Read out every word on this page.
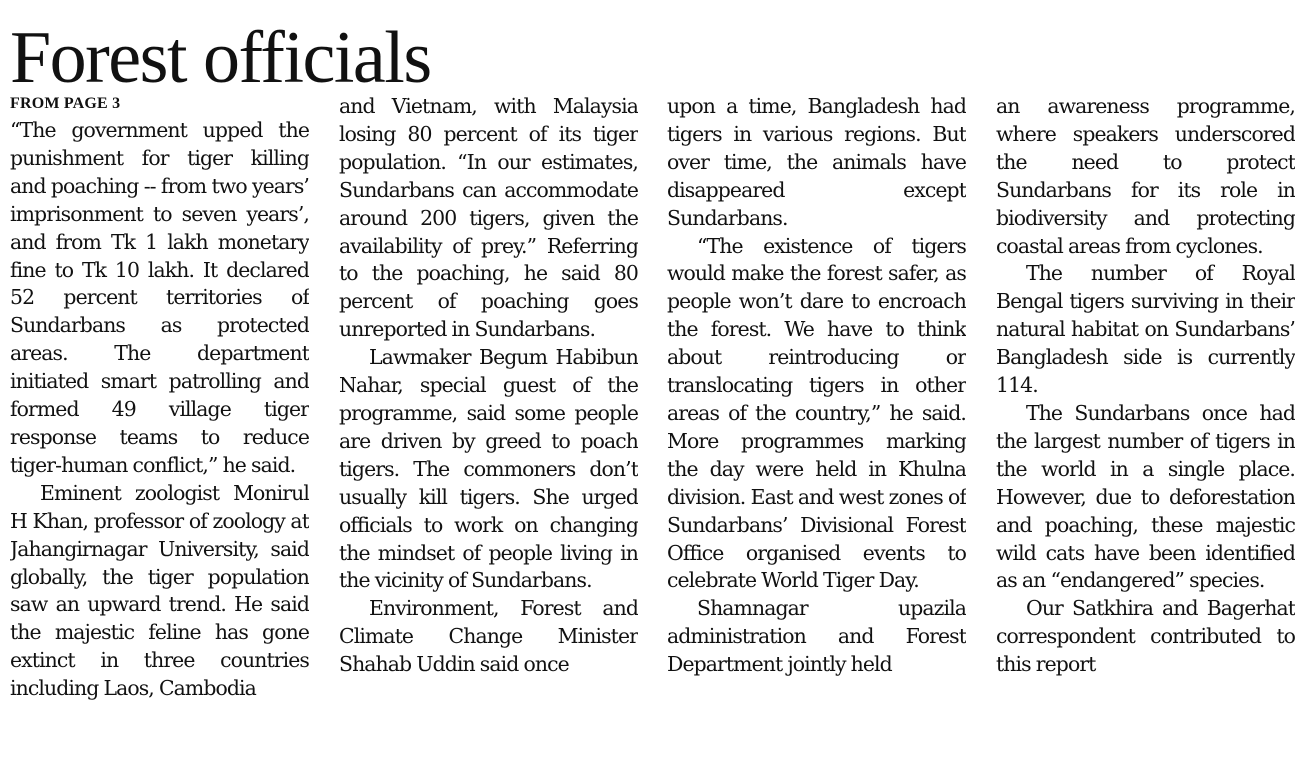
Forest officials
FROM PAGE 3

“The government upped the punishment for tiger killing and poaching -- from two years’ imprisonment to seven years’, and from Tk 1 lakh monetary fine to Tk 10 lakh. It declared 52 percent territories of Sundarbans as protected areas. The department initiated smart patrolling and formed 49 village tiger response teams to reduce tiger-human conflict,” he said.

Eminent zoologist Monirul H Khan, professor of zoology at Jahangirnagar University, said globally, the tiger population saw an upward trend. He said the majestic feline has gone extinct in three countries including Laos, Cambodia

and Vietnam, with Malaysia losing 80 percent of its tiger population. “In our estimates, Sundarbans can accommodate around 200 tigers, given the availability of prey.” Referring to the poaching, he said 80 percent of poaching goes unreported in Sundarbans.

Lawmaker Begum Habibun Nahar, special guest of the programme, said some people are driven by greed to poach tigers. The commoners don’t usually kill tigers. She urged officials to work on changing the mindset of people living in the vicinity of Sundarbans.

Environment, Forest and Climate Change Minister Shahab Uddin said once

upon a time, Bangladesh had tigers in various regions. But over time, the animals have disappeared except Sundarbans.

“The existence of tigers would make the forest safer, as people won’t dare to encroach the forest. We have to think about reintroducing or translocating tigers in other areas of the country,” he said. More programmes marking the day were held in Khulna division. East and west zones of Sundarbans’ Divisional Forest Office organised events to celebrate World Tiger Day.

Shamnagar upazila administration and Forest Department jointly held

an awareness programme, where speakers underscored the need to protect Sundarbans for its role in biodiversity and protecting coastal areas from cyclones.

The number of Royal Bengal tigers surviving in their natural habitat on Sundarbans’ Bangladesh side is currently 114.

The Sundarbans once had the largest number of tigers in the world in a single place. However, due to deforestation and poaching, these majestic wild cats have been identified as an “endangered” species.

Our Satkhira and Bagerhat correspondent contributed to this report
